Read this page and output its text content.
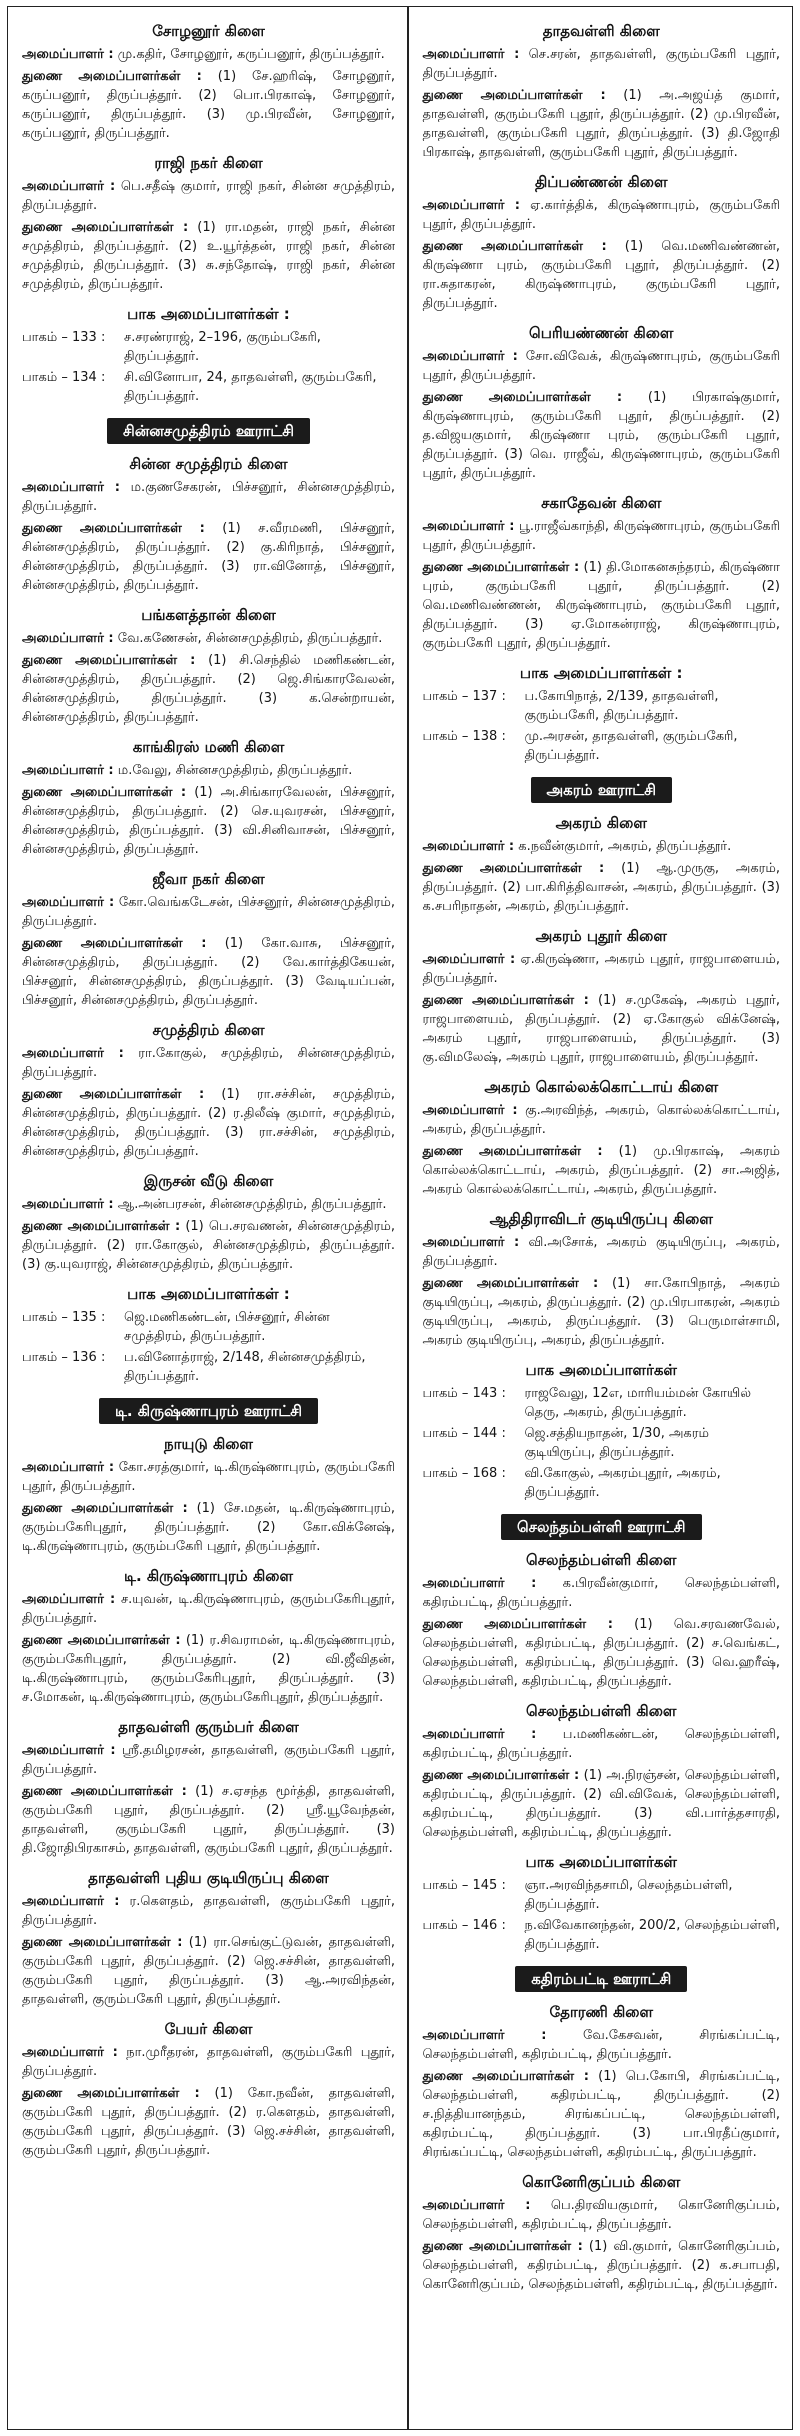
சோழனூர் கிளை

அமைப்பாளர் : மு.கதிர், சோழனூர், கருப்பனூர், திருப்பத்தூர்.

துணை அமைப்பாளர்கள் : (1) சே.ஹரிஷ், சோழனூர், கருப்பனூர், திருப்பத்தூர். (2) பொ.பிரகாஷ், சோழனூர், கருப்பனூர், திருப்பத்தூர். (3) மு.பிரவீன், சோழனூர், கருப்பனூர், திருப்பத்தூர்.

ராஜி நகர் கிளை

அமைப்பாளர் : பெ.சதீஷ் குமார், ராஜி நகர், சின்ன சமுத்திரம், திருப்பத்தூர்.

துணை அமைப்பாளர்கள் : (1) ரா.மதன், ராஜி நகர், சின்ன சமுத்திரம், திருப்பத்தூர். (2) உ.யூர்த்தன், ராஜி நகர், சின்ன சமுத்திரம், திருப்பத்தூர். (3) சு.சந்தோஷ், ராஜி நகர், சின்ன சமுத்திரம், திருப்பத்தூர்.

பாக அமைப்பாளர்கள் :
பாகம் – 133 :	ச.சரண்ராஜ், 2–196, குரும்பகேரி, திருப்பத்தூர்.
பாகம் – 134 :	சி.வினோபா, 24, தாதவள்ளி, குரும்பகேரி, திருப்பத்தூர்.
சின்னசமுத்திரம் ஊராட்சி
சின்ன சமுத்திரம் கிளை

அமைப்பாளர் : ம.குணசேகரன், பிச்சனூர், சின்னசமுத்திரம், திருப்பத்தூர்.

துணை அமைப்பாளர்கள் : (1) ச.வீரமணி, பிச்சனூர், சின்னசமுத்திரம், திருப்பத்தூர். (2) கு.கிரிநாத், பிச்சனூர், சின்னசமுத்திரம், திருப்பத்தூர். (3) ரா.வினோத், பிச்சனூர், சின்னசமுத்திரம், திருப்பத்தூர்.

பங்களத்தான் கிளை

அமைப்பாளர் : வே.கணேசன், சின்னசமுத்திரம், திருப்பத்தூர்.

துணை அமைப்பாளர்கள் : (1) சி.செந்தில் மணிகண்டன், சின்னசமுத்திரம், திருப்பத்தூர். (2) ஜெ.சிங்காரவேலன், சின்னசமுத்திரம், திருப்பத்தூர். (3) க.சென்றாயன், சின்னசமுத்திரம், திருப்பத்தூர்.

காங்கிரஸ் மணி கிளை

அமைப்பாளர் : ம.வேலு, சின்னசமுத்திரம், திருப்பத்தூர்.

துணை அமைப்பாளர்கள் : (1) அ.சிங்காரவேலன், பிச்சனூர், சின்னசமுத்திரம், திருப்பத்தூர். (2) செ.யுவரசன், பிச்சனூர், சின்னசமுத்திரம், திருப்பத்தூர். (3) வி.சினிவாசன், பிச்சனூர், சின்னசமுத்திரம், திருப்பத்தூர்.

ஜீவா நகர் கிளை

அமைப்பாளர் : கோ.வெங்கடேசன், பிச்சனூர், சின்னசமுத்திரம், திருப்பத்தூர்.

துணை அமைப்பாளர்கள் : (1) கோ.வாசு, பிச்சனூர், சின்னசமுத்திரம், திருப்பத்தூர். (2) வே.கார்த்திகேயன், பிச்சனூர், சின்னசமுத்திரம், திருப்பத்தூர். (3) வேடியப்பன், பிச்சனூர், சின்னசமுத்திரம், திருப்பத்தூர்.

சமுத்திரம் கிளை

அமைப்பாளர் : ரா.கோகுல், சமுத்திரம், சின்னசமுத்திரம், திருப்பத்தூர்.

துணை அமைப்பாளர்கள் : (1) ரா.சச்சின், சமுத்திரம், சின்னசமுத்திரம், திருப்பத்தூர். (2) ர.திலீஷ் குமார், சமுத்திரம், சின்னசமுத்திரம், திருப்பத்தூர். (3) ரா.சச்சின், சமுத்திரம், சின்னசமுத்திரம், திருப்பத்தூர்.

இருசன் வீடு கிளை

அமைப்பாளர் : ஆ.அன்பரசன், சின்னசமுத்திரம், திருப்பத்தூர்.

துணை அமைப்பாளர்கள் : (1) பெ.சரவணன், சின்னசமுத்திரம், திருப்பத்தூர். (2) ரா.கோகுல், சின்னசமுத்திரம், திருப்பத்தூர். (3) கு.யுவராஜ், சின்னசமுத்திரம், திருப்பத்தூர்.

பாக அமைப்பாளர்கள் :
பாகம் – 135 :	ஜெ.மணிகண்டன், பிச்சனூர், சின்ன சமுத்திரம், திருப்பத்தூர்.
பாகம் – 136 :	ப.வினோத்ராஜ், 2/148, சின்னசமுத்திரம், திருப்பத்தூர்.
டி. கிருஷ்ணாபுரம் ஊராட்சி
நாயுடு கிளை

அமைப்பாளர் : கோ.சரத்குமார், டி.கிருஷ்ணாபுரம், குரும்பகேரி புதூர், திருப்பத்தூர்.

துணை அமைப்பாளர்கள் : (1) சே.மதன், டி.கிருஷ்ணாபுரம், குரும்பகேரிபுதூர், திருப்பத்தூர். (2) கோ.விக்னேஷ், டி.கிருஷ்ணாபுரம், குரும்பகேரி புதூர், திருப்பத்தூர்.

டி. கிருஷ்ணாபுரம் கிளை

அமைப்பாளர் : ச.யுவன், டி.கிருஷ்ணாபுரம், குரும்பகேரிபுதூர், திருப்பத்தூர்.

துணை அமைப்பாளர்கள் : (1) ர.சிவராமன், டி.கிருஷ்ணாபுரம், குரும்பகேரிபுதூர், திருப்பத்தூர். (2) வி.ஜீவிதன், டி.கிருஷ்ணாபுரம், குரும்பகேரிபுதூர், திருப்பத்தூர். (3) ச.மோகன், டி.கிருஷ்ணாபுரம், குரும்பகேரிபுதூர், திருப்பத்தூர்.

தாதவள்ளி குரும்பர் கிளை

அமைப்பாளர் : ஸ்ரீ.தமிழரசன், தாதவள்ளி, குரும்பகேரி புதூர், திருப்பத்தூர்.

துணை அமைப்பாளர்கள் : (1) ச.ஏசந்த மூர்த்தி, தாதவள்ளி, குரும்பகேரி புதூர், திருப்பத்தூர். (2) ஸ்ரீ.யூவேந்தன், தாதவள்ளி, குரும்பகேரி புதூர், திருப்பத்தூர். (3) தி.ஜோதிபிரகாசம், தாதவள்ளி, குரும்பகேரி புதூர், திருப்பத்தூர்.

தாதவள்ளி புதிய குடியிருப்பு கிளை

அமைப்பாளர் : ர.கௌதம், தாதவள்ளி, குரும்பகேரி புதூர், திருப்பத்தூர்.

துணை அமைப்பாளர்கள் : (1) ரா.செங்குட்டுவன், தாதவள்ளி, குரும்பகேரி புதூர், திருப்பத்தூர். (2) ஜெ.சச்சின், தாதவள்ளி, குரும்பகேரி புதூர், திருப்பத்தூர். (3) ஆ.அரவிந்தன், தாதவள்ளி, குரும்பகேரி புதூர், திருப்பத்தூர்.

பேயர் கிளை

அமைப்பாளர் : நா.முரீதரன், தாதவள்ளி, குரும்பகேரி புதூர், திருப்பத்தூர்.

துணை அமைப்பாளர்கள் : (1) கோ.நவீன், தாதவள்ளி, குரும்பகேரி புதூர், திருப்பத்தூர். (2) ர.கௌதம், தாதவள்ளி, குரும்பகேரி புதூர், திருப்பத்தூர். (3) ஜெ.சச்சின், தாதவள்ளி, குரும்பகேரி புதூர், திருப்பத்தூர்.

தாதவள்ளி கிளை

அமைப்பாளர் : செ.சரன், தாதவள்ளி, குரும்பகேரி புதூர், திருப்பத்தூர்.

துணை அமைப்பாளர்கள் : (1) அ.அஜய்த் குமார், தாதவள்ளி, குரும்பகேரி புதூர், திருப்பத்தூர். (2) மு.பிரவீன், தாதவள்ளி, குரும்பகேரி புதூர், திருப்பத்தூர். (3) தி.ஜோதி பிரகாஷ், தாதவள்ளி, குரும்பகேரி புதூர், திருப்பத்தூர்.

திப்பண்ணன் கிளை

அமைப்பாளர் : ஏ.கார்த்திக், கிருஷ்ணாபுரம், குரும்பகேரி புதூர், திருப்பத்தூர்.

துணை அமைப்பாளர்கள் : (1) வெ.மணிவண்ணன், கிருஷ்ணா புரம், குரும்பகேரி புதூர், திருப்பத்தூர். (2) ரா.சுதாகரன், கிருஷ்ணாபுரம், குரும்பகேரி புதூர், திருப்பத்தூர்.

பெரியண்ணன் கிளை

அமைப்பாளர் : சோ.விவேக், கிருஷ்ணாபுரம், குரும்பகேரி புதூர், திருப்பத்தூர்.

துணை அமைப்பாளர்கள் : (1) பிரகாஷ்குமார், கிருஷ்ணாபுரம், குரும்பகேரி புதூர், திருப்பத்தூர். (2) த.விஜயகுமார், கிருஷ்ணா புரம், குரும்பகேரி புதூர், திருப்பத்தூர். (3) வெ. ராஜீவ், கிருஷ்ணாபுரம், குரும்பகேரி புதூர், திருப்பத்தூர்.

சகாதேவன் கிளை

அமைப்பாளர் : பூ.ராஜீவ்காந்தி, கிருஷ்ணாபுரம், குரும்பகேரி புதூர், திருப்பத்தூர்.

துணை அமைப்பாளர்கள் : (1) தி.மோகனசுந்தரம், கிருஷ்ணா புரம், குரும்பகேரி புதூர், திருப்பத்தூர். (2) வெ.மணிவண்ணன், கிருஷ்ணாபுரம், குரும்பகேரி புதூர், திருப்பத்தூர். (3) ஏ.மோகன்ராஜ், கிருஷ்ணாபுரம், குரும்பகேரி புதூர், திருப்பத்தூர்.

பாக அமைப்பாளர்கள் :
பாகம் – 137 :	ப.கோபிநாத், 2/139, தாதவள்ளி, குரும்பகேரி, திருப்பத்தூர்.
பாகம் – 138 :	மு.அரசன், தாதவள்ளி, குரும்பகேரி, திருப்பத்தூர்.
அகரம் ஊராட்சி
அகரம் கிளை

அமைப்பாளர் : க.நவீன்குமார், அகரம், திருப்பத்தூர்.

துணை அமைப்பாளர்கள் : (1) ஆ.முருகு, அகரம், திருப்பத்தூர். (2) பா.கிரித்திவாசன், அகரம், திருப்பத்தூர். (3) க.சபரிநாதன், அகரம், திருப்பத்தூர்.

அகரம் புதூர் கிளை

அமைப்பாளர் : ஏ.கிருஷ்ணா, அகரம் புதூர், ராஜபாளையம், திருப்பத்தூர்.

துணை அமைப்பாளர்கள் : (1) ச.முகேஷ், அகரம் புதூர், ராஜபாளையம், திருப்பத்தூர். (2) ஏ.கோகுல் விக்னேஷ், அகரம் புதூர், ராஜபாளையம், திருப்பத்தூர். (3) கு.விமலேஷ், அகரம் புதூர், ராஜபாளையம், திருப்பத்தூர்.

அகரம் கொல்லக்கொட்டாய் கிளை

அமைப்பாளர் : கு.அரவிந்த், அகரம், கொல்லக்கொட்டாய், அகரம், திருப்பத்தூர்.

துணை அமைப்பாளர்கள் : (1) மு.பிரகாஷ், அகரம் கொல்லக்கொட்டாய், அகரம், திருப்பத்தூர். (2) சா.அஜித், அகரம் கொல்லக்கொட்டாய், அகரம், திருப்பத்தூர்.

ஆதிதிராவிடர் குடியிருப்பு கிளை

அமைப்பாளர் : வி.அசோக், அகரம் குடியிருப்பு, அகரம், திருப்பத்தூர்.

துணை அமைப்பாளர்கள் : (1) சா.கோபிநாத், அகரம் குடியிருப்பு, அகரம், திருப்பத்தூர். (2) மு.பிரபாகரன், அகரம் குடியிருப்பு, அகரம், திருப்பத்தூர். (3) பெருமாள்சாமி, அகரம் குடியிருப்பு, அகரம், திருப்பத்தூர்.

பாக அமைப்பாளர்கள்
பாகம் – 143 :	ராஜவேலு, 12எ, மாரியம்மன் கோயில் தெரு, அகரம், திருப்பத்தூர்.
பாகம் – 144 :	ஜெ.சத்தியநாதன், 1/30, அகரம் குடியிருப்பு, திருப்பத்தூர்.
பாகம் – 168 :	வி.கோகுல், அகரம்புதூர், அகரம், திருப்பத்தூர்.
செலந்தம்பள்ளி ஊராட்சி
செலந்தம்பள்ளி கிளை

அமைப்பாளர் : க.பிரவீன்குமார், செலந்தம்பள்ளி, கதிரம்பட்டி, திருப்பத்தூர்.

துணை அமைப்பாளர்கள் : (1) வெ.சரவணவேல், செலந்தம்பள்ளி, கதிரம்பட்டி, திருப்பத்தூர். (2) ச.வெங்கட், செலந்தம்பள்ளி, கதிரம்பட்டி, திருப்பத்தூர். (3) வெ.ஹரீஷ், செலந்தம்பள்ளி, கதிரம்பட்டி, திருப்பத்தூர்.

செலந்தம்பள்ளி கிளை

அமைப்பாளர் : ப.மணிகண்டன், செலந்தம்பள்ளி, கதிரம்பட்டி, திருப்பத்தூர்.

துணை அமைப்பாளர்கள் : (1) அ.நிரஞ்சன், செலந்தம்பள்ளி, கதிரம்பட்டி, திருப்பத்தூர். (2) வி.விவேக், செலந்தம்பள்ளி, கதிரம்பட்டி, திருப்பத்தூர். (3) வி.பார்த்தசாரதி, செலந்தம்பள்ளி, கதிரம்பட்டி, திருப்பத்தூர்.

பாக அமைப்பாளர்கள்
பாகம் – 145 :	ஞா.அரவிந்தசாமி, செலந்தம்பள்ளி, திருப்பத்தூர்.
பாகம் – 146 :	ந.விவேகானந்தன், 200/2, செலந்தம்பள்ளி, திருப்பத்தூர்.
கதிரம்பட்டி ஊராட்சி
தோரணி கிளை

அமைப்பாளர் :	வே.கேசவன், சிரங்கப்பட்டி, செலந்தம்பள்ளி, கதிரம்பட்டி, திருப்பத்தூர்.

துணை அமைப்பாளர்கள் : (1) பெ.கோபி, சிரங்கப்பட்டி, செலந்தம்பள்ளி, கதிரம்பட்டி, திருப்பத்தூர். (2) ச.நித்தியானந்தம், சிரங்கப்பட்டி, செலந்தம்பள்ளி, கதிரம்பட்டி, திருப்பத்தூர். (3) பா.பிரதீப்குமார், சிரங்கப்பட்டி, செலந்தம்பள்ளி, கதிரம்பட்டி, திருப்பத்தூர்.

கொனேரிகுப்பம் கிளை

அமைப்பாளர் : பெ.திரவியகுமார், கொனேரிகுப்பம், செலந்தம்பள்ளி, கதிரம்பட்டி, திருப்பத்தூர்.

துணை அமைப்பாளர்கள் : (1) வி.குமார், கொனேரிகுப்பம், செலந்தம்பள்ளி, கதிரம்பட்டி, திருப்பத்தூர். (2) க.சபாபதி, கொனேரிகுப்பம், செலந்தம்பள்ளி, கதிரம்பட்டி, திருப்பத்தூர்.
